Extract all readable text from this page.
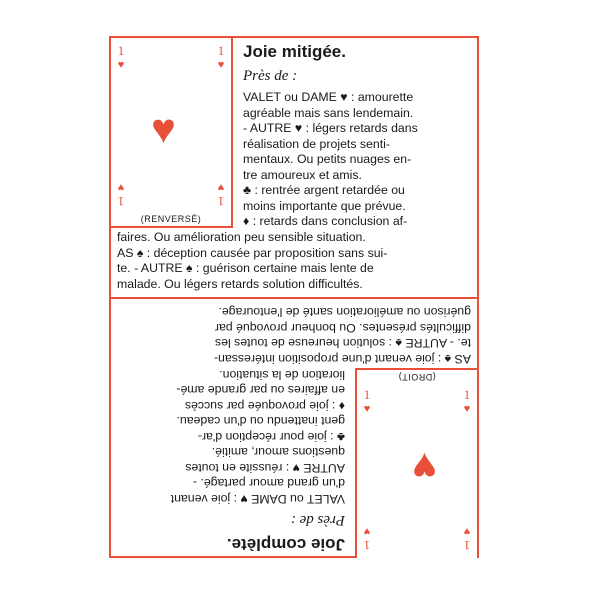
1
♥
1
♥
♥
1
♥
1
♥
(RENVERSÉ)
Joie mitigée.
Près de :
VALET ou DAME ♥ : amourette
agréable mais sans lendemain.
- AUTRE ♥ : légers retards dans
réalisation de projets senti-
mentaux. Ou petits nuages en-
tre amoureux et amis.
♣ : rentrée argent retardée ou
moins importante que prévue.
♦ : retards dans conclusion af-
faires. Ou amélioration peu sensible situation.
AS ♠ : déception causée par proposition sans sui-
te. - AUTRE ♠ : guérison certaine mais lente de
malade. Ou légers retards solution difficultés.
1
♥
1
♥
♥
1
♥
1
♥
(DROIT)
Joie complète.
Près de :
VALET ou DAME ♥ : joie venant
d'un grand amour partagé. -
AUTRE ♥ : réussite en toutes
questions amour, amitié.
♣ : joie pour réception d'ar-
gent inattendu ou d'un cadeau.
♦ : joie provoquée par succès
en affaires ou par grande amé-
lioration de la situation.
AS ♠ : joie venant d'une proposition intéressan-
te. - AUTRE ♠ : solution heureuse de toutes les
difficultés présentes. Ou bonheur provoqué par
guérison ou amélioration santé de l'entourage.
